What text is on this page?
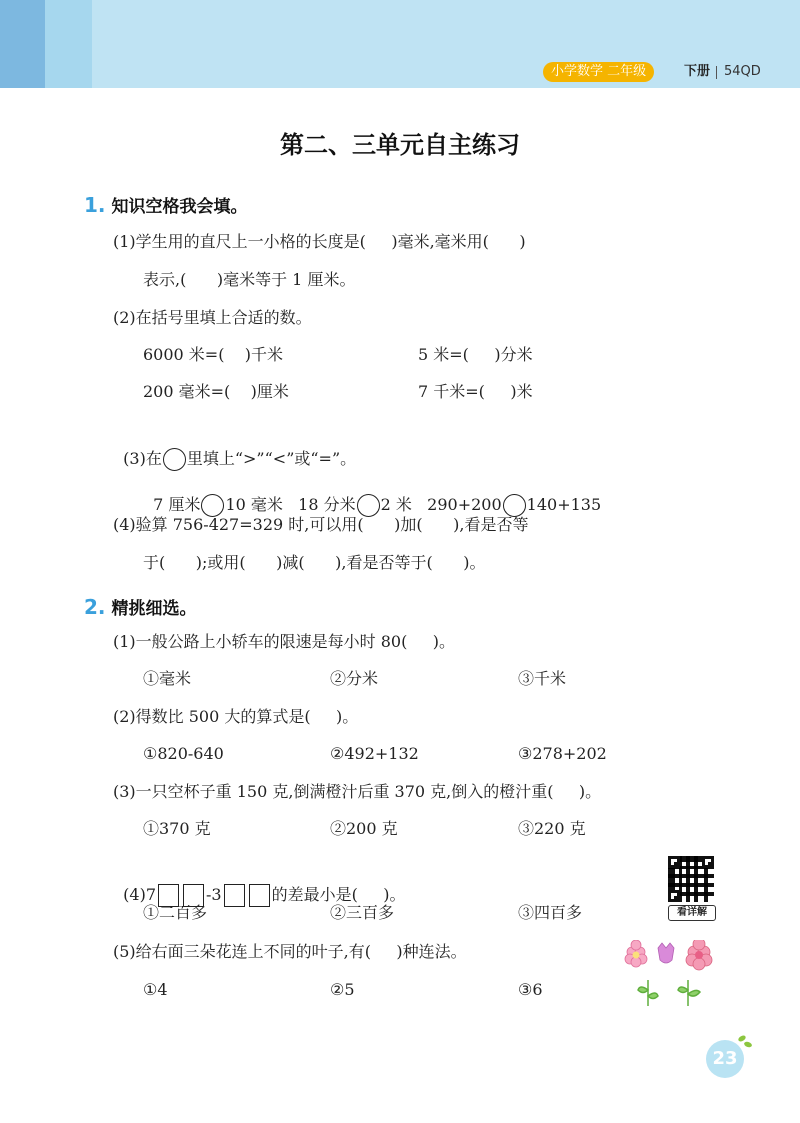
小学数学 二年级	下册 54QD
第二、三单元自主练习
1. 知识空格我会填。
(1)学生用的直尺上一小格的长度是(     )毫米,毫米用(      )
表示,(      )毫米等于 1 厘米。
(2)在括号里填上合适的数。
6000 米=(    )千米	5 米=(     )分米
200 毫米=(    )厘米	7 千米=(     )米

(3)在 里填上“>”“<”或“=”。

7 厘米 10 毫米 18 分米 2 米 290+200 140+135

(4)验算 756-427=329 时,可以用(      )加(      ),看是否等
于(      );或用(      )减(      ),看是否等于(      )。
2. 精挑细选。
(1)一般公路上小轿车的限速是每小时 80(     )。
①毫米	②分米	③千米
(2)得数比 500 大的算式是(     )。
①820-640	②492+132	③278+202
(3)一只空杯子重 150 克,倒满橙汁后重 370 克,倒入的橙汁重(     )。
①370 克	②200 克	③220 克

(4)7	-3	的差最小是(     )。

①二百多	②三百多	③四百多
(5)给右面三朵花连上不同的叶子,有(     )种连法。
①4	②5	③6
看详解
23
